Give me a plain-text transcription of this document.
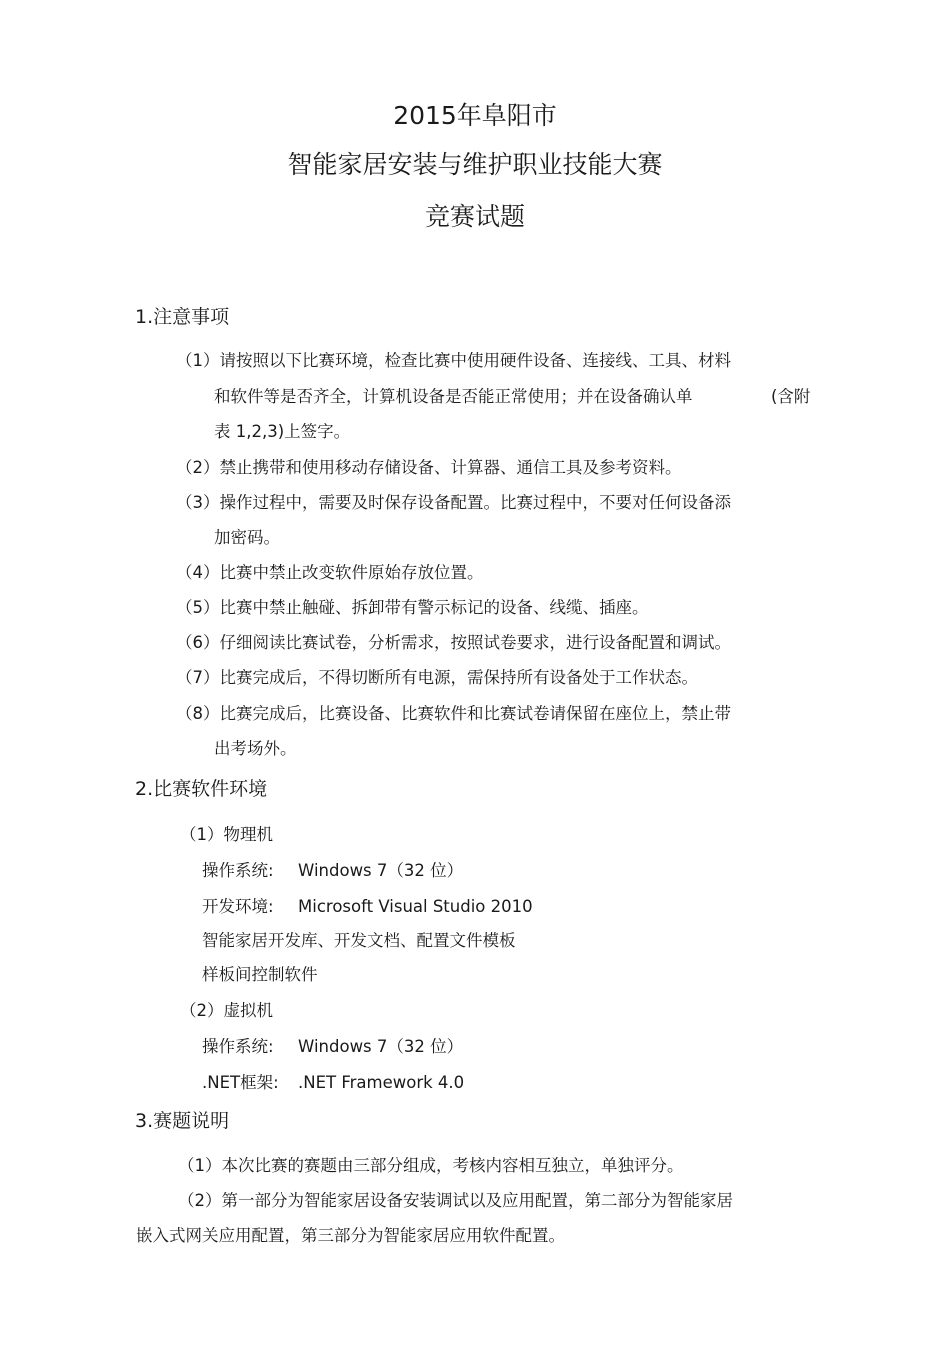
2015年阜阳市
智能家居安装与维护职业技能大赛
竞赛试题
1.注意事项
（1）请按照以下比赛环境，检查比赛中使用硬件设备、连接线、工具、材料
和软件等是否齐全，计算机设备是否能正常使用；并在设备确认单	(含附
表 1,2,3)上签字。
（2）禁止携带和使用移动存储设备、计算器、通信工具及参考资料。
（3）操作过程中，需要及时保存设备配置。比赛过程中，不要对任何设备添
加密码。
（4）比赛中禁止改变软件原始存放位置。
（5）比赛中禁止触碰、拆卸带有警示标记的设备、线缆、插座。
（6）仔细阅读比赛试卷，分析需求，按照试卷要求，进行设备配置和调试。
（7）比赛完成后，不得切断所有电源，需保持所有设备处于工作状态。
（8）比赛完成后，比赛设备、比赛软件和比赛试卷请保留在座位上，禁止带
出考场外。
2.比赛软件环境
（1）物理机
操作系统: Windows 7（32 位）
开发环境: Microsoft Visual Studio 2010
智能家居开发库、开发文档、配置文件模板
样板间控制软件
（2）虚拟机
操作系统: Windows 7（32 位）
.NET框架: .NET Framework 4.0
3.赛题说明
（1）本次比赛的赛题由三部分组成，考核内容相互独立，单独评分。
（2）第一部分为智能家居设备安装调试以及应用配置，第二部分为智能家居
嵌入式网关应用配置，第三部分为智能家居应用软件配置。
